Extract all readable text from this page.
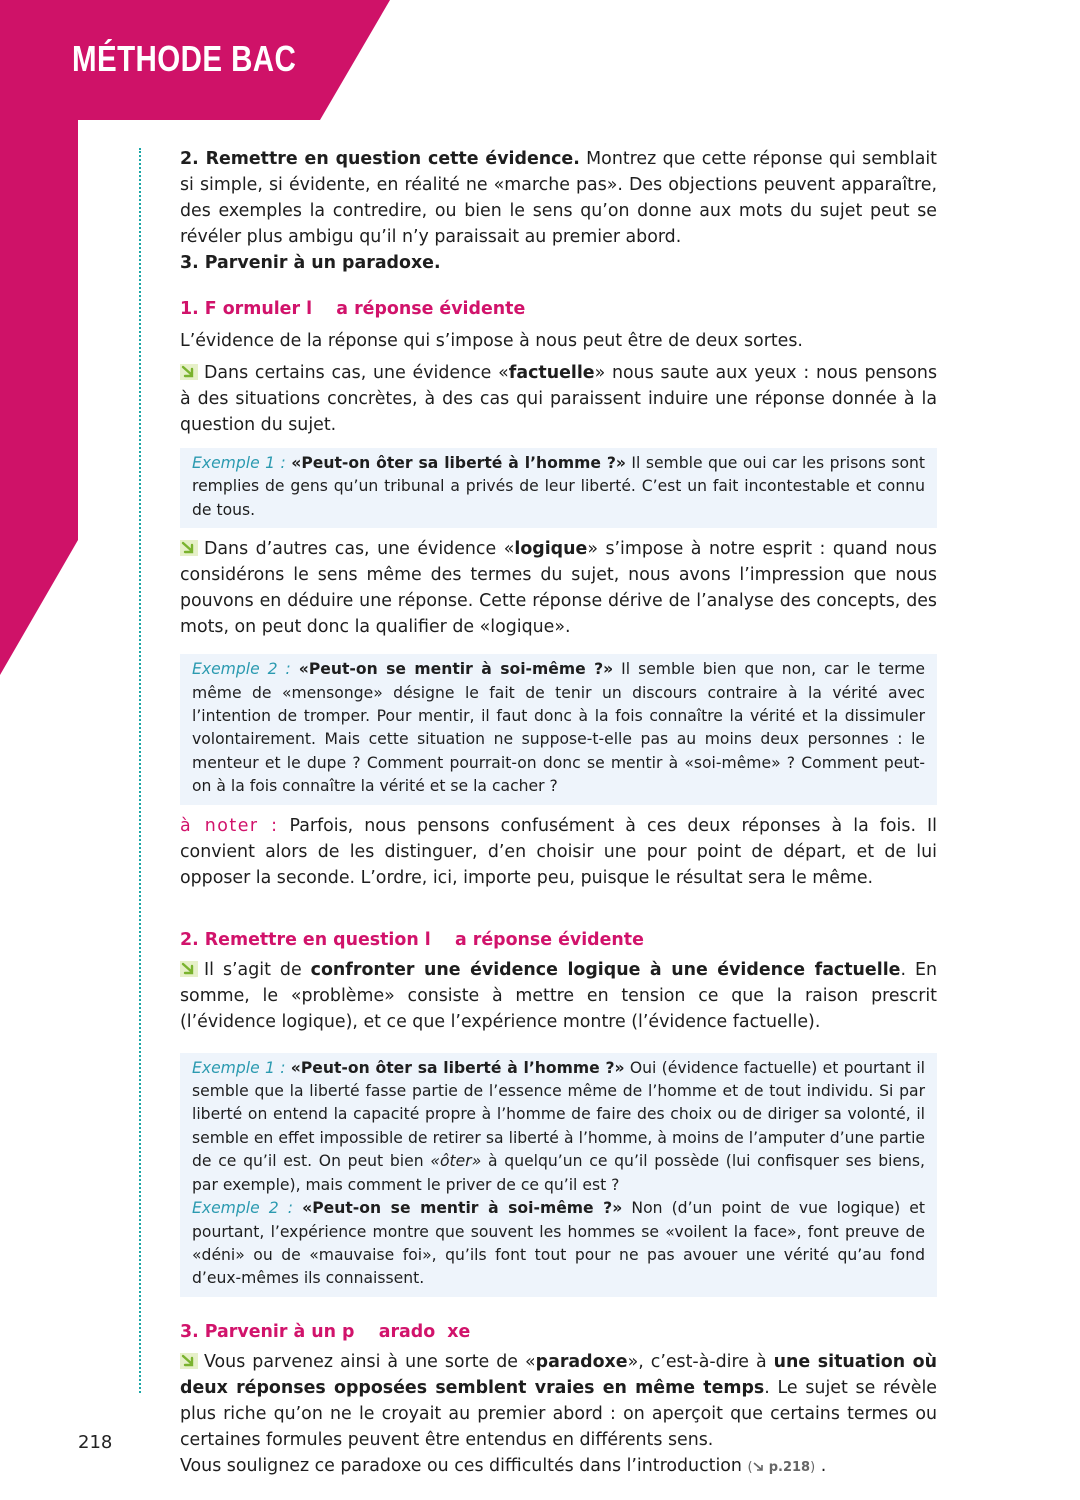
MÉTHODE BAC

2. Remettre en question cette évidence. Montrez que cette réponse qui semblait si simple, si évidente, en réalité ne «marche pas». Des objections peuvent apparaître, des exemples la contredire, ou bien le sens qu’on donne aux mots du sujet peut se révéler plus ambigu qu’il n’y paraissait au premier abord.

3. Parvenir à un paradoxe.

1. F ormuler l    a réponse évidente

L’évidence de la réponse qui s’impose à nous peut être de deux sortes.

Dans certains cas, une évidence «factuelle» nous saute aux yeux : nous pensons à des situations concrètes, à des cas qui paraissent induire une réponse donnée à la question du sujet.

Exemple 1 : «Peut-on ôter sa liberté à l’homme ?» Il semble que oui car les prisons sont remplies de gens qu’un tribunal a privés de leur liberté. C’est un fait incontestable et connu de tous.

Dans d’autres cas, une évidence «logique» s’impose à notre esprit : quand nous considérons le sens même des termes du sujet, nous avons l’impression que nous pouvons en déduire une réponse. Cette réponse dérive de l’analyse des concepts, des mots, on peut donc la qualifier de «logique».

Exemple 2 : «Peut-on se mentir à soi-même ?» Il semble bien que non, car le terme même de «mensonge» désigne le fait de tenir un discours contraire à la vérité avec l’intention de tromper. Pour mentir, il faut donc à la fois connaître la vérité et la dissimuler volontairement. Mais cette situation ne suppose-t-elle pas au moins deux personnes : le menteur et le dupe ? Comment pourrait-on donc se mentir à «soi-même» ? Comment peut-on à la fois connaître la vérité et se la cacher ?

à noter : Parfois, nous pensons confusément à ces deux réponses à la fois. Il convient alors de les distinguer, d’en choisir une pour point de départ, et de lui opposer la seconde. L’ordre, ici, importe peu, puisque le résultat sera le même.

2. Remettre en question l    a réponse évidente

Il s’agit de confronter une évidence logique à une évidence factuelle. En somme, le «problème» consiste à mettre en tension ce que la raison prescrit (l’évidence logique), et ce que l’expérience montre (l’évidence factuelle).

Exemple 1 : «Peut-on ôter sa liberté à l’homme ?» Oui (évidence factuelle) et pourtant il semble que la liberté fasse partie de l’essence même de l’homme et de tout individu. Si par liberté on entend la capacité propre à l’homme de faire des choix ou de diriger sa volonté, il semble en effet impossible de retirer sa liberté à l’homme, à moins de l’amputer d’une partie de ce qu’il est. On peut bien «ôter» à quelqu’un ce qu’il possède (lui confisquer ses biens, par exemple), mais comment le priver de ce qu’il est ?

Exemple 2 : «Peut-on se mentir à soi-même ?» Non (d’un point de vue logique) et pourtant, l’expérience montre que souvent les hommes se «voilent la face», font preuve de «déni» ou de «mauvaise foi», qu’ils font tout pour ne pas avouer une vérité qu’au fond d’eux-mêmes ils connaissent.

3. Parvenir à un p    arado  xe

Vous parvenez ainsi à une sorte de «paradoxe», c’est-à-dire à une situation où deux réponses opposées semblent vraies en même temps. Le sujet se révèle plus riche qu’on ne le croyait au premier abord : on aperçoit que certains termes ou certaines formules peuvent être entendus en différents sens.

Vous soulignez ce paradoxe ou ces difficultés dans l’introduction ( p.218) .

218
